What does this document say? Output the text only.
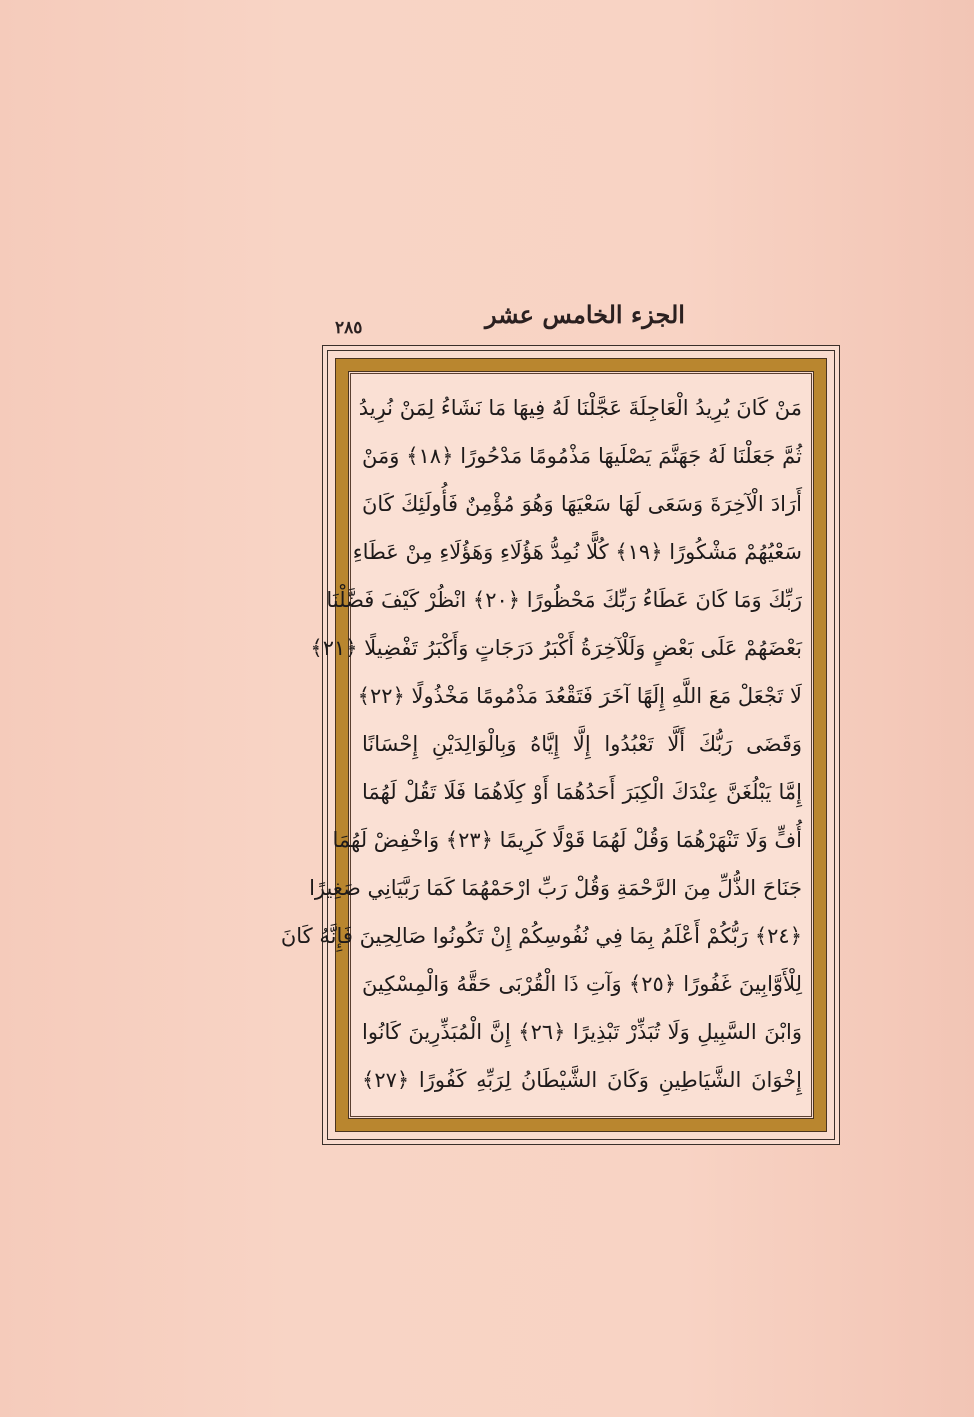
الجزء الخامس عشر
٢٨٥
مَنْ كَانَ يُرِيدُ الْعَاجِلَةَ عَجَّلْنَا لَهُ فِيهَا مَا نَشَاءُ لِمَنْ نُرِيدُ
ثُمَّ جَعَلْنَا لَهُ جَهَنَّمَ يَصْلَيهَا مَذْمُومًا مَدْحُورًا ﴿١٨﴾ وَمَنْ
أَرَادَ الْآخِرَةَ وَسَعَى لَهَا سَعْيَهَا وَهُوَ مُؤْمِنٌ فَأُولَئِكَ كَانَ
سَعْيُهُمْ مَشْكُورًا ﴿١٩﴾ كُلًّا نُمِدُّ هَؤُلَاءِ وَهَؤُلَاءِ مِنْ عَطَاءِ
رَبِّكَ وَمَا كَانَ عَطَاءُ رَبِّكَ مَحْظُورًا ﴿٢٠﴾ انْظُرْ كَيْفَ فَضَّلْنَا
بَعْضَهُمْ عَلَى بَعْضٍ وَلَلْآخِرَةُ أَكْبَرُ دَرَجَاتٍ وَأَكْبَرُ تَفْضِيلًا ﴿٢١﴾
لَا تَجْعَلْ مَعَ اللَّهِ إِلَهًا آخَرَ فَتَقْعُدَ مَذْمُومًا مَخْذُولًا ﴿٢٢﴾
وَقَضَى رَبُّكَ أَلَّا تَعْبُدُوا إِلَّا إِيَّاهُ وَبِالْوَالِدَيْنِ إِحْسَانًا
إِمَّا يَبْلُغَنَّ عِنْدَكَ الْكِبَرَ أَحَدُهُمَا أَوْ كِلَاهُمَا فَلَا تَقُلْ لَهُمَا
أُفٍّ وَلَا تَنْهَرْهُمَا وَقُلْ لَهُمَا قَوْلًا كَرِيمًا ﴿٢٣﴾ وَاخْفِضْ لَهُمَا
جَنَاحَ الذُّلِّ مِنَ الرَّحْمَةِ وَقُلْ رَبِّ ارْحَمْهُمَا كَمَا رَبَّيَانِي صَغِيرًا
﴿٢٤﴾ رَبُّكُمْ أَعْلَمُ بِمَا فِي نُفُوسِكُمْ إِنْ تَكُونُوا صَالِحِينَ فَإِنَّهُ كَانَ
لِلْأَوَّابِينَ غَفُورًا ﴿٢٥﴾ وَآتِ ذَا الْقُرْبَى حَقَّهُ وَالْمِسْكِينَ
وَابْنَ السَّبِيلِ وَلَا تُبَذِّرْ تَبْذِيرًا ﴿٢٦﴾ إِنَّ الْمُبَذِّرِينَ كَانُوا
إِخْوَانَ الشَّيَاطِينِ وَكَانَ الشَّيْطَانُ لِرَبِّهِ كَفُورًا ﴿٢٧﴾
